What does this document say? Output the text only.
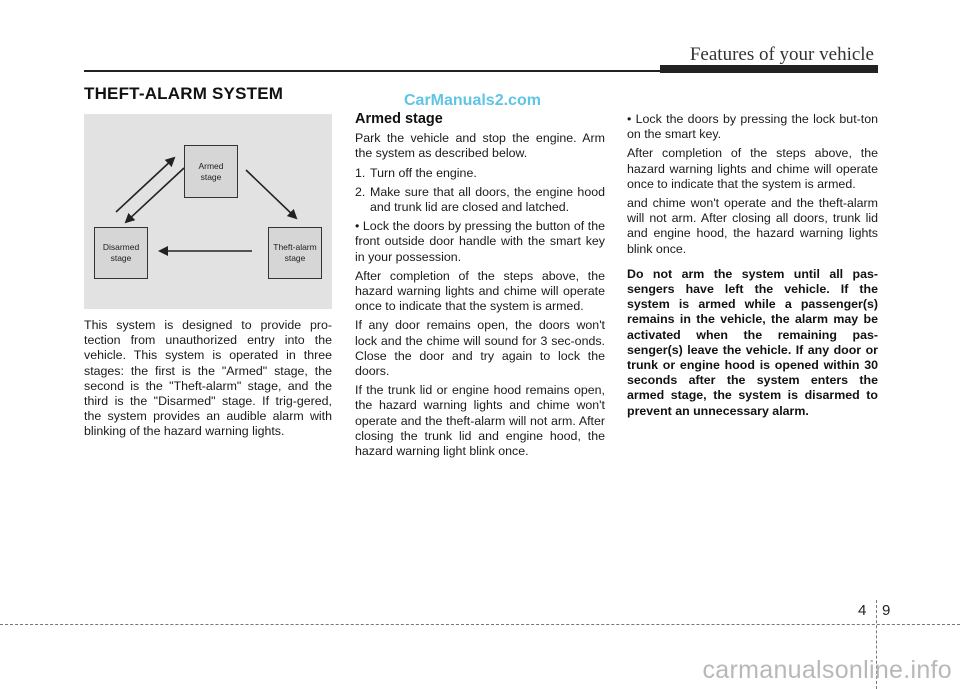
Features of your vehicle
THEFT-ALARM SYSTEM	CarManuals2.com
Armed
stage
Disarmed
stage
Theft-alarm
stage

This system is designed to provide pro-tection from unauthorized entry into the vehicle. This system is operated in three stages: the first is the "Armed" stage, the second is the "Theft-alarm" stage, and the third is the "Disarmed" stage. If trig-gered, the system provides an audible alarm with blinking of the hazard warning lights.

Armed stage

Park the vehicle and stop the engine. Arm the system as described below.

1. Turn off the engine.
2. Make sure that all doors, the engine hood and trunk lid are closed and latched.

• Lock the doors by pressing the button of the front outside door handle with the smart key in your possession.

After completion of the steps above, the hazard warning lights and chime will operate once to indicate that the system is armed.

If any door remains open, the doors won't lock and the chime will sound for 3 sec-onds. Close the door and try again to lock the doors.

If the trunk lid or engine hood remains open, the hazard warning lights and chime won't operate and the theft-alarm will not arm. After closing the trunk lid and engine hood, the hazard warning light blink once.

• Lock the doors by pressing the lock but-ton on the smart key.

After completion of the steps above, the hazard warning lights and chime will operate once to indicate that the system is armed.

and chime won't operate and the theft-alarm will not arm. After closing all doors, trunk lid and engine hood, the hazard warning lights blink once.

Do not arm the system until all pas-sengers have left the vehicle. If the system is armed while a passenger(s) remains in the vehicle, the alarm may be activated when the remaining pas-senger(s) leave the vehicle. If any door or trunk or engine hood is opened within 30 seconds after the system enters the armed stage, the system is disarmed to prevent an unnecessary alarm.

4 9
carmanualsonline.info
